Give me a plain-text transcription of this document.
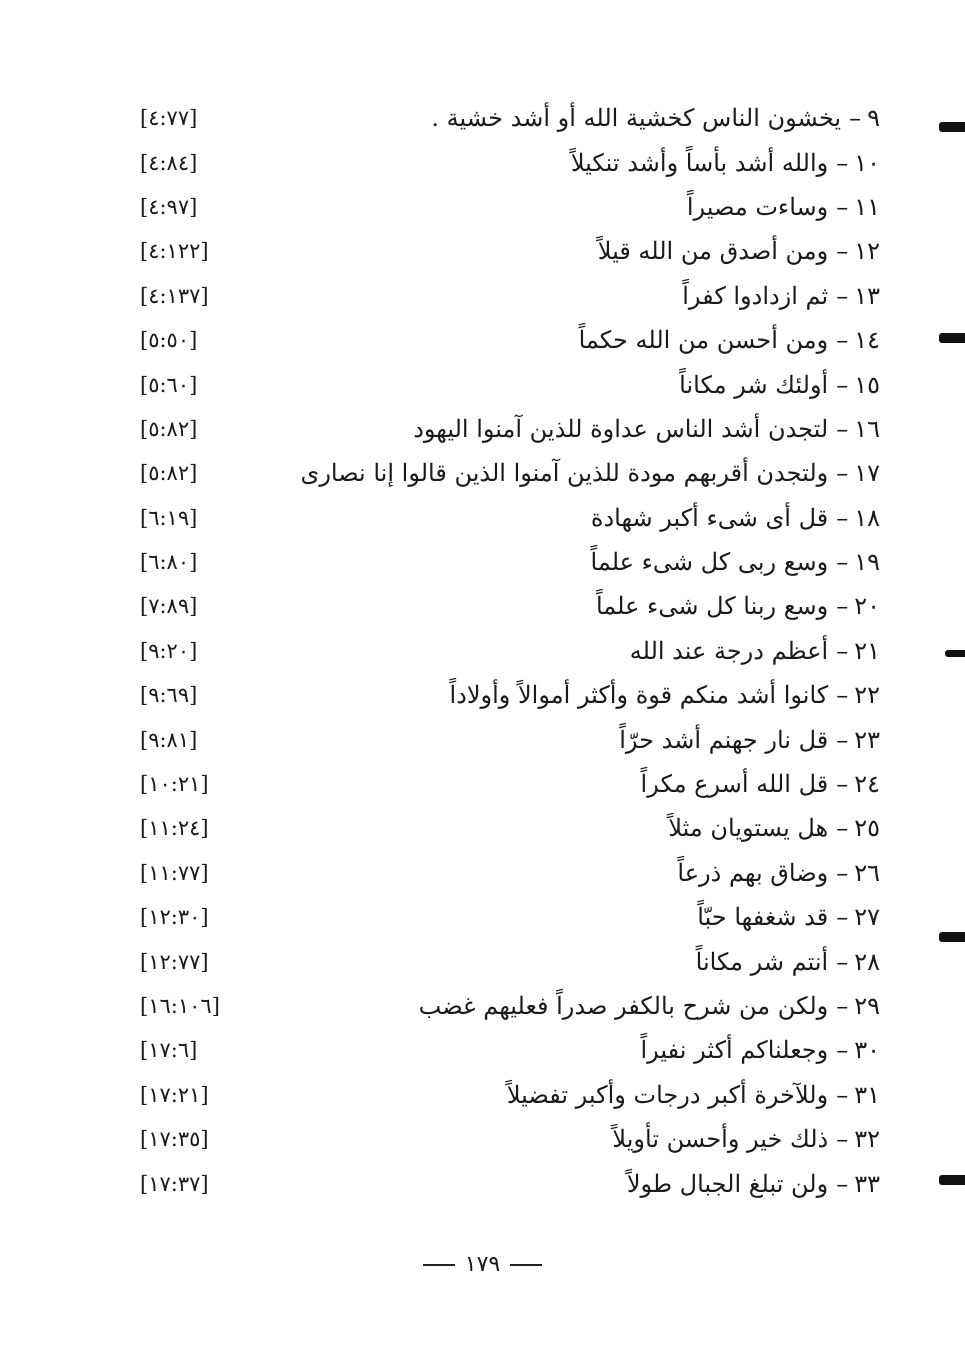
٩–يخشون الناس كخشية الله أو أشد خشية .
[٤:٧٧]
١٠–والله أشد بأساً وأشد تنكيلاً
[٤:٨٤]
١١–وساءت مصيراً
[٤:٩٧]
١٢–ومن أصدق من الله قيلاً
[٤:١٢٢]
١٣–ثم ازدادوا كفراً
[٤:١٣٧]
١٤–ومن أحسن من الله حكماً
[٥:٥٠]
١٥–أولئك شر مكاناً
[٥:٦٠]
١٦–لتجدن أشد الناس عداوة للذين آمنوا اليهود
[٥:٨٢]
١٧–ولتجدن أقربهم مودة للذين آمنوا الذين قالوا إنا نصارى
[٥:٨٢]
١٨–قل أى شىء أكبر شهادة
[٦:١٩]
١٩–وسع ربى كل شىء علماً
[٦:٨٠]
٢٠–وسع ربنا كل شىء علماً
[٧:٨٩]
٢١–أعظم درجة عند الله
[٩:٢٠]
٢٢–كانوا أشد منكم قوة وأكثر أموالاً وأولاداً
[٩:٦٩]
٢٣–قل نار جهنم أشد حرّاً
[٩:٨١]
٢٤–قل الله أسرع مكراً
[١٠:٢١]
٢٥–هل يستويان مثلاً
[١١:٢٤]
٢٦–وضاق بهم ذرعاً
[١١:٧٧]
٢٧–قد شغفها حبّاً
[١٢:٣٠]
٢٨–أنتم شر مكاناً
[١٢:٧٧]
٢٩–ولكن من شرح بالكفر صدراً فعليهم غضب
[١٦:١٠٦]
٣٠–وجعلناكم أكثر نفيراً
[١٧:٦]
٣١–وللآخرة أكبر درجات وأكبر تفضيلاً
[١٧:٢١]
٣٢–ذلك خير وأحسن تأويلاً
[١٧:٣٥]
٣٣–ولن تبلغ الجبال طولاً
[١٧:٣٧]
١٧٩
